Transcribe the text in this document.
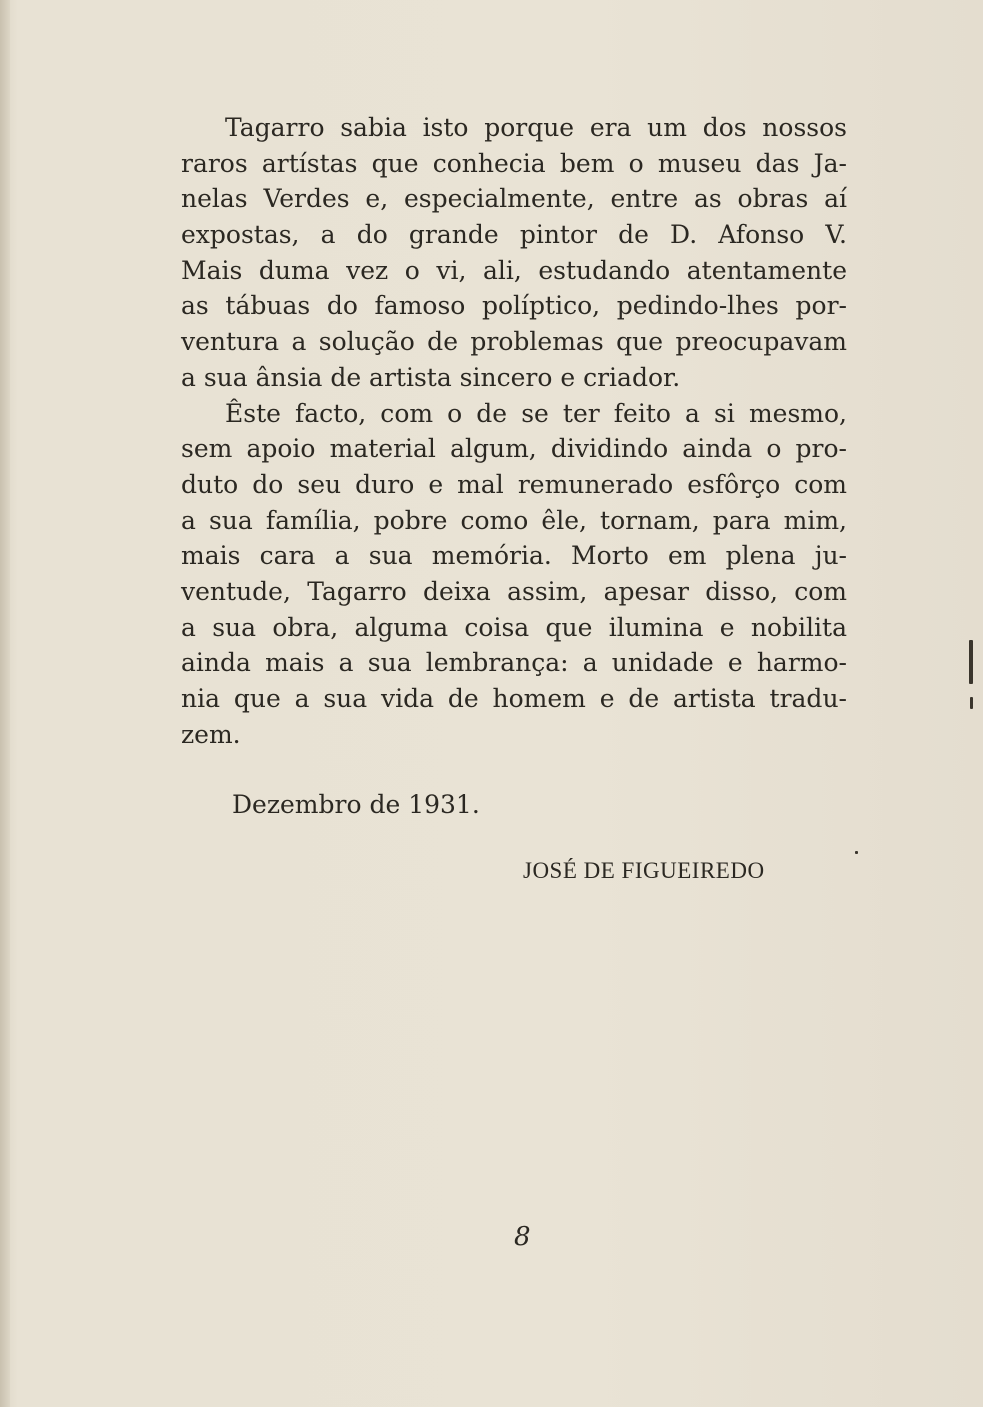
Tagarro sabia isto porque era um dos nossos
raros artístas que conhecia bem o museu das Ja-
nelas Verdes e, especialmente, entre as obras aí
expostas, a do grande pintor de D. Afonso V.
Mais duma vez o vi, ali, estudando atentamente
as tábuas do famoso políptico, pedindo-lhes por-
ventura a solução de problemas que preocupavam
a sua ânsia de artista sincero e criador.
Êste facto, com o de se ter feito a si mesmo,
sem apoio material algum, dividindo ainda o pro-
duto do seu duro e mal remunerado esfôrço com
a sua família, pobre como êle, tornam, para mim,
mais cara a sua memória. Morto em plena ju-
ventude, Tagarro deixa assim, apesar disso, com
a sua obra, alguma coisa que ilumina e nobilita
ainda mais a sua lembrança: a unidade e harmo-
nia que a sua vida de homem e de artista tradu-
zem.
Dezembro de 1931.
JOSÉ DE FIGUEIREDO
8
